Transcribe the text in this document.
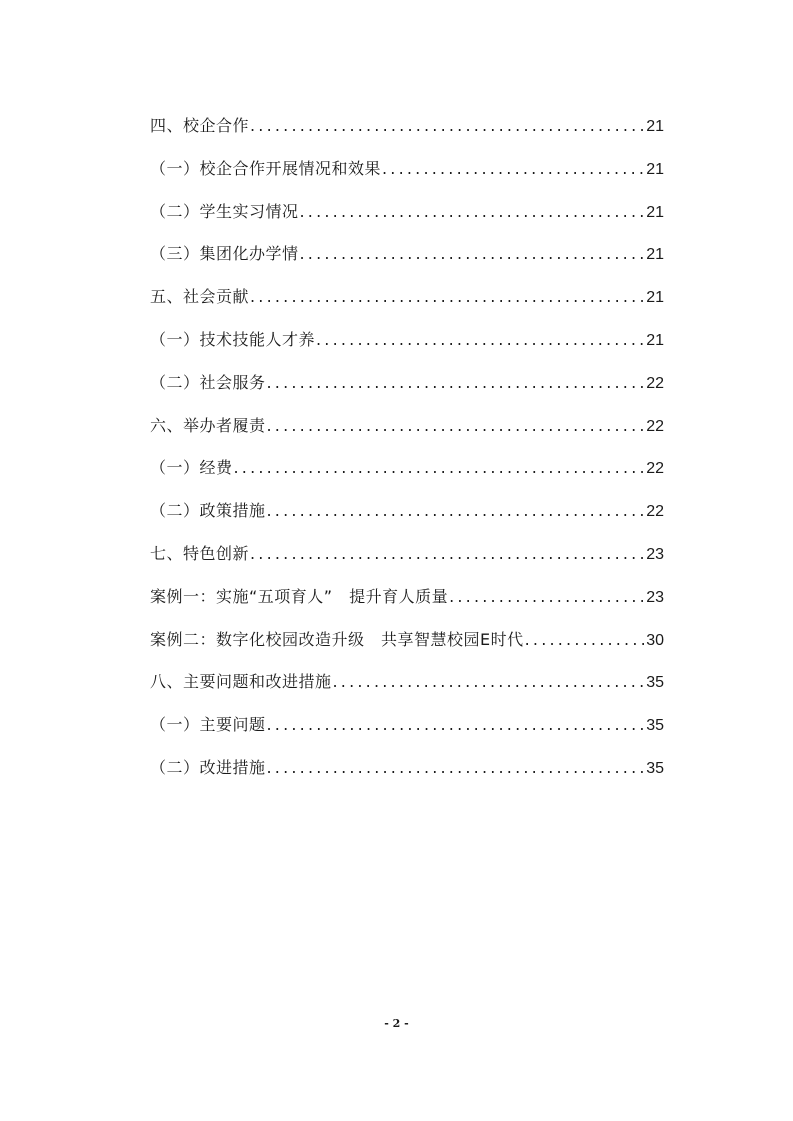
四、校企合作 .....	21
（一）校企合作开展情况和效果 .....	21
（二）学生实习情况 .....	21
（三）集团化办学情 .....	21
五、社会贡献 .....	21
（一）技术技能人才养 .....	21
（二）社会服务 .....	22
六、举办者履责 .....	22
（一）经费 .....	22
（二）政策措施 .....	22
七、特色创新 .....	23
案例一：实施“五项育人”　提升育人质量 .....	23
案例二：数字化校园改造升级　共享智慧校园E时代 .....	30
八、主要问题和改进措施 .....	35
（一）主要问题 .....	35
（二）改进措施 .....	35
- 2 -
